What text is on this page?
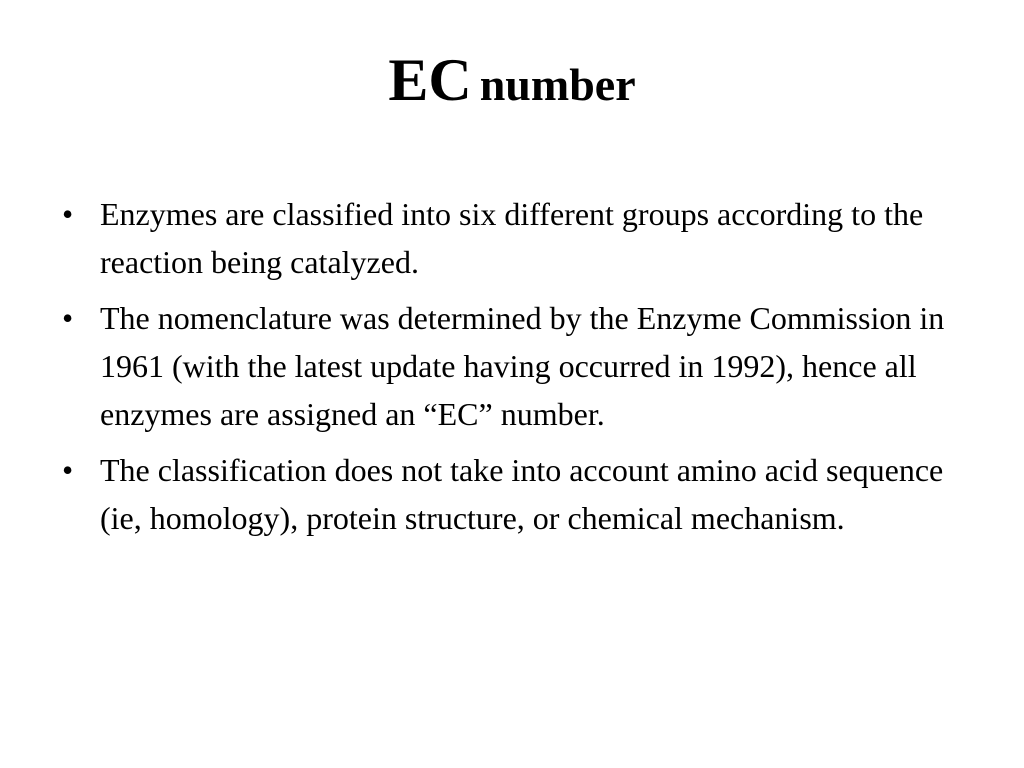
EC number
• Enzymes are classified into six different groups according to the reaction being catalyzed.
• The nomenclature was determined by the Enzyme Commission in 1961 (with the latest update having occurred in 1992), hence all enzymes are assigned an “EC” number.
• The classification does not take into account amino acid sequence (ie, homology), protein structure, or chemical mechanism.
